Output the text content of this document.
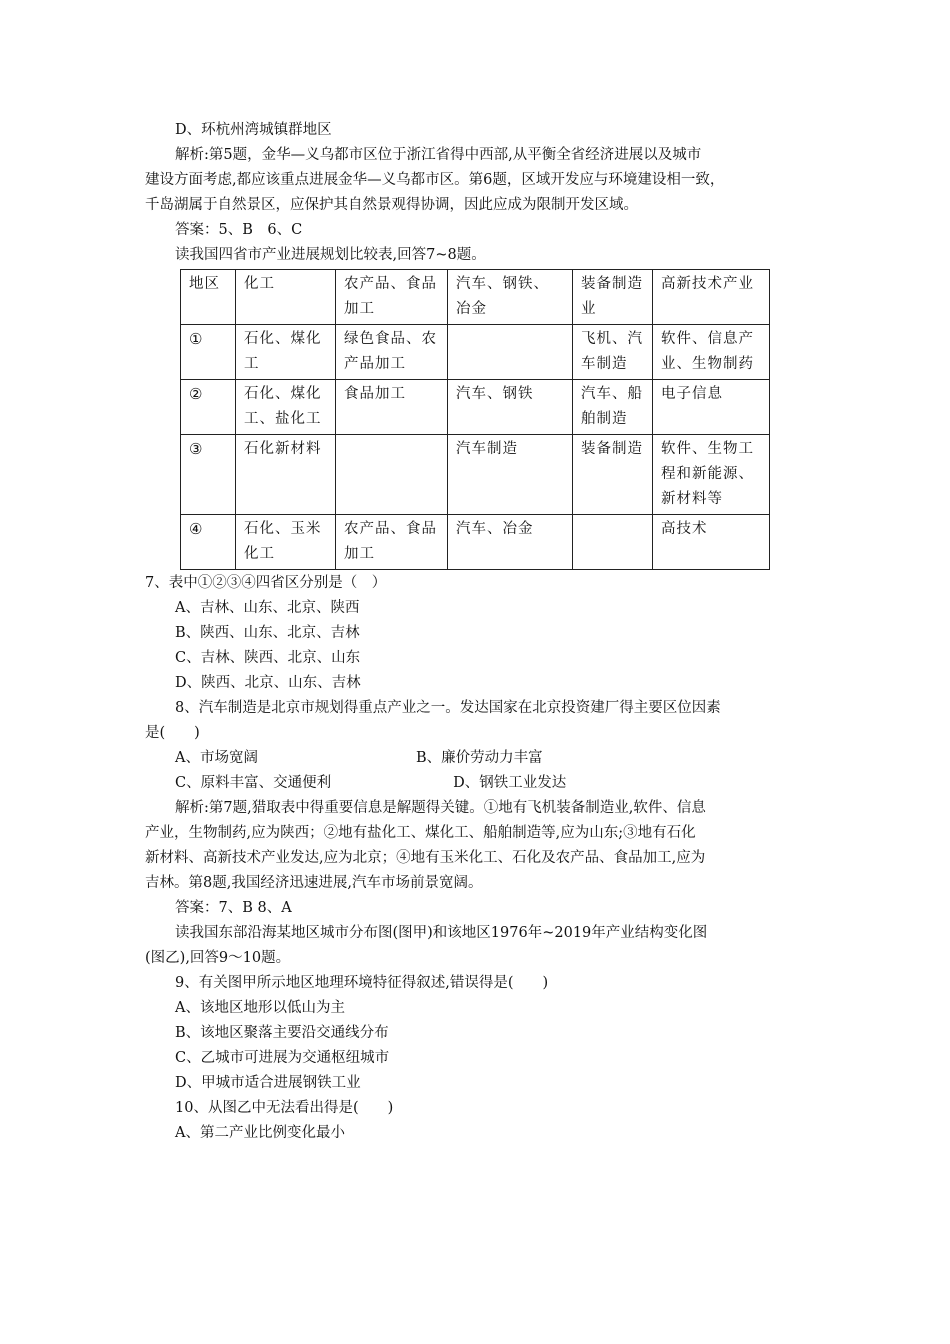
D、环杭州湾城镇群地区

解析:第5题，金华—义乌都市区位于浙江省得中西部,从平衡全省经济进展以及城市

建设方面考虑,都应该重点进展金华—义乌都市区。第6题，区域开发应与环境建设相一致，

千岛湖属于自然景区，应保护其自然景观得协调，因此应成为限制开发区域。

答案：5、B　6、C

读我国四省市产业进展规划比较表,回答7~8题。

地区	化工	农产品、食品加工	汽车、钢铁、冶金	装备制造业	高新技术产业
①	石化、煤化工	绿色食品、农产品加工		飞机、汽车制造	软件、信息产业、生物制药
②	石化、煤化工、盐化工	食品加工	汽车、钢铁	汽车、船舶制造	电子信息
③	石化新材料		汽车制造	装备制造	软件、生物工程和新能源、新材料等
④	石化、玉米化工	农产品、食品加工	汽车、冶金		高技术

7、表中①②③④四省区分别是（　）

A、吉林、山东、北京、陕西

B、陕西、山东、北京、吉林

C、吉林、陕西、北京、山东

D、陕西、北京、山东、吉林

8、汽车制造是北京市规划得重点产业之一。发达国家在北京投资建厂得主要区位因素

是(　　)

A、市场宽阔	ﾠﾠB、廉价劳动力丰富

C、原料丰富、交通便利	ﾠﾠD、钢铁工业发达

解析:第7题,猎取表中得重要信息是解题得关键。①地有飞机装备制造业,软件、信息

产业，生物制药,应为陕西；②地有盐化工、煤化工、船舶制造等,应为山东;③地有石化

新材料、高新技术产业发达,应为北京；④地有玉米化工、石化及农产品、食品加工,应为

吉林。第8题,我国经济迅速进展,汽车市场前景宽阔。

答案：7、B 8、A

读我国东部沿海某地区城市分布图(图甲)和该地区1976年~2019年产业结构变化图

(图乙),回答9～10题。

9、有关图甲所示地区地理环境特征得叙述,错误得是(　　)

A、该地区地形以低山为主

B、该地区聚落主要沿交通线分布

C、乙城市可进展为交通枢纽城市

D、甲城市适合进展钢铁工业

10、从图乙中无法看出得是(　　)

A、第二产业比例变化最小
